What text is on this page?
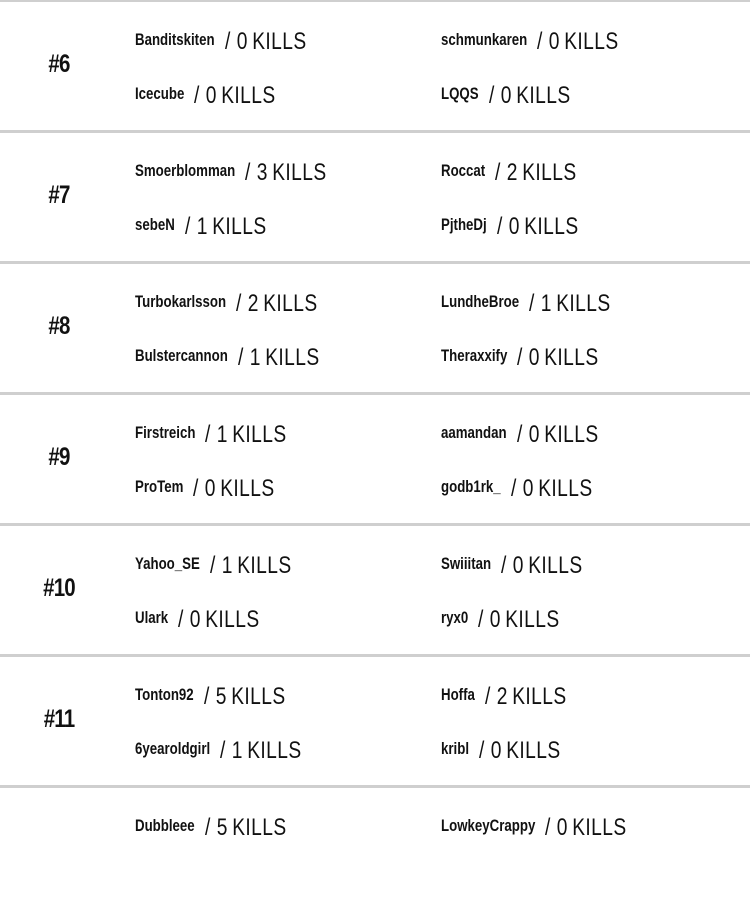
#6
Banditskiten / 0 KILLS	schmunkaren / 0 KILLS
Icecube / 0 KILLS	LQQS / 0 KILLS
#7
Smoerblomman / 3 KILLS	Roccat / 2 KILLS
sebeN / 1 KILLS	PjtheDj / 0 KILLS
#8
Turbokarlsson / 2 KILLS	LundheBroe / 1 KILLS
Bulstercannon / 1 KILLS	Theraxxify / 0 KILLS
#9
Firstreich / 1 KILLS	aamandan / 0 KILLS
ProTem / 0 KILLS	godb1rk_ / 0 KILLS
#10
Yahoo_SE / 1 KILLS	Swiiitan / 0 KILLS
Ulark / 0 KILLS	ryx0 / 0 KILLS
#11
Tonton92 / 5 KILLS	Hoffa / 2 KILLS
6yearoldgirl / 1 KILLS	kribl / 0 KILLS
Dubbleee / 5 KILLS	LowkeyCrappy / 0 KILLS
